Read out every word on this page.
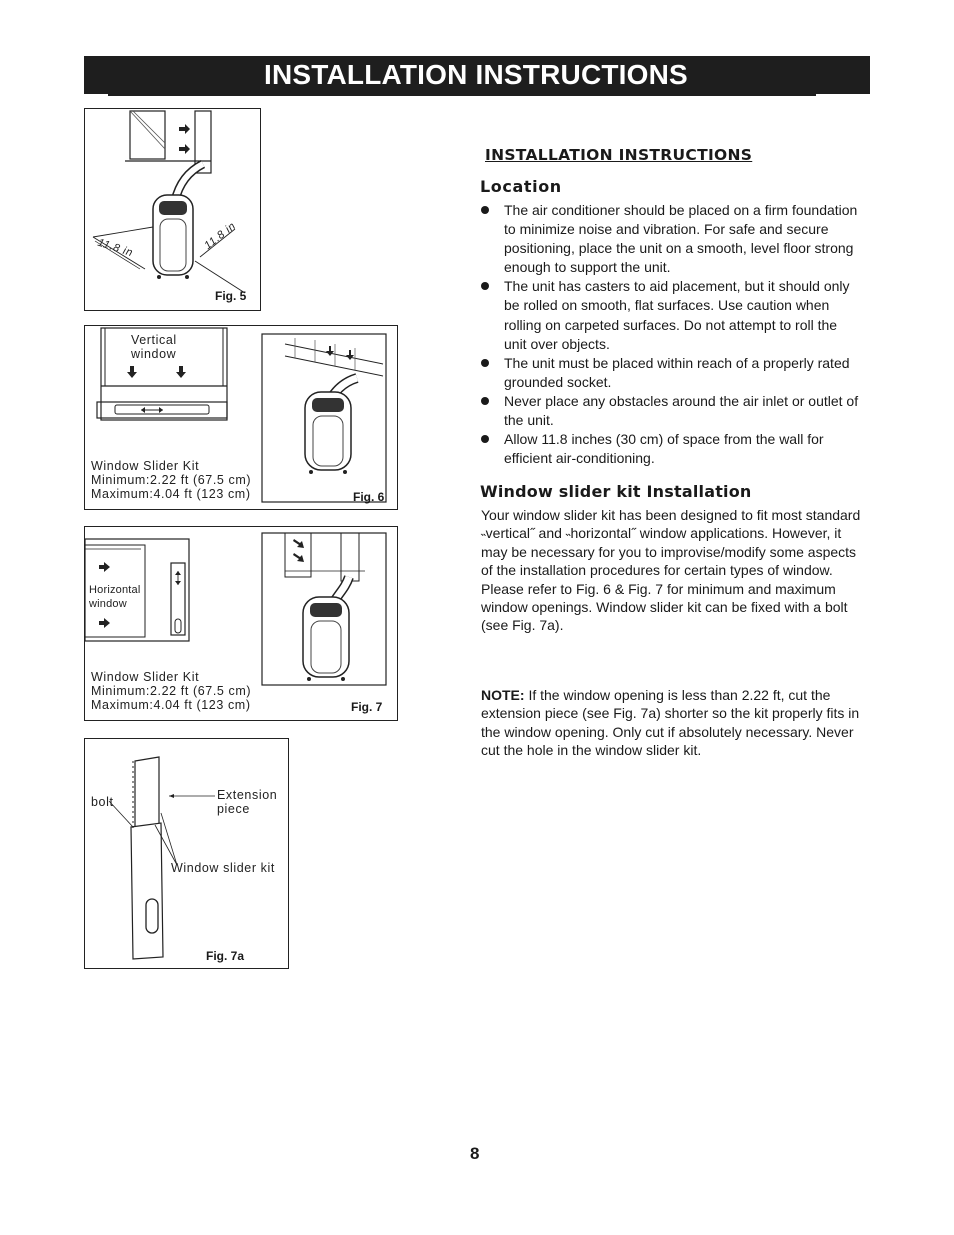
INSTALLATION INSTRUCTIONS
11.8 in	11.8 in
Fig. 5
Vertical
window
Window Slider Kit
Minimum:2.22 ft (67.5 cm)
Maximum:4.04 ft (123 cm)	Fig. 6
Horizontal
window
Window Slider Kit
Minimum:2.22 ft (67.5 cm)
Maximum:4.04 ft (123 cm)	Fig. 7
bolt	Extension
piece
Window slider kit
Fig. 7a
INSTALLATION INSTRUCTIONS
Location
The air conditioner should be placed on a firm foundation to minimize noise and vibration. For safe and secure positioning, place the unit on a smooth, level floor strong enough to support the unit.
The unit has casters to aid placement, but it should only be rolled on smooth, flat surfaces. Use caution when rolling on carpeted surfaces. Do not attempt to roll the unit over objects.
The unit must be placed within reach of a properly rated grounded socket.
Never place any obstacles around the air inlet or outlet of the unit.
Allow 11.8 inches (30 cm) of space from the wall for efficient air-conditioning.
Window slider kit Installation
Your window slider kit has been designed to fit most standard ˵vertical˝ and ˵horizontal˝ window applications. However, it may be necessary for you to improvise/modify some aspects of the installation procedures for certain types of window. Please refer to Fig. 6 & Fig. 7 for minimum and maximum window openings. Window slider kit can be fixed with a bolt (see Fig. 7a).
NOTE: If the window opening is less than 2.22 ft, cut the extension piece (see Fig. 7a) shorter so the kit properly fits in the window opening. Only cut if absolutely necessary. Never cut the hole in the window slider kit.
8
